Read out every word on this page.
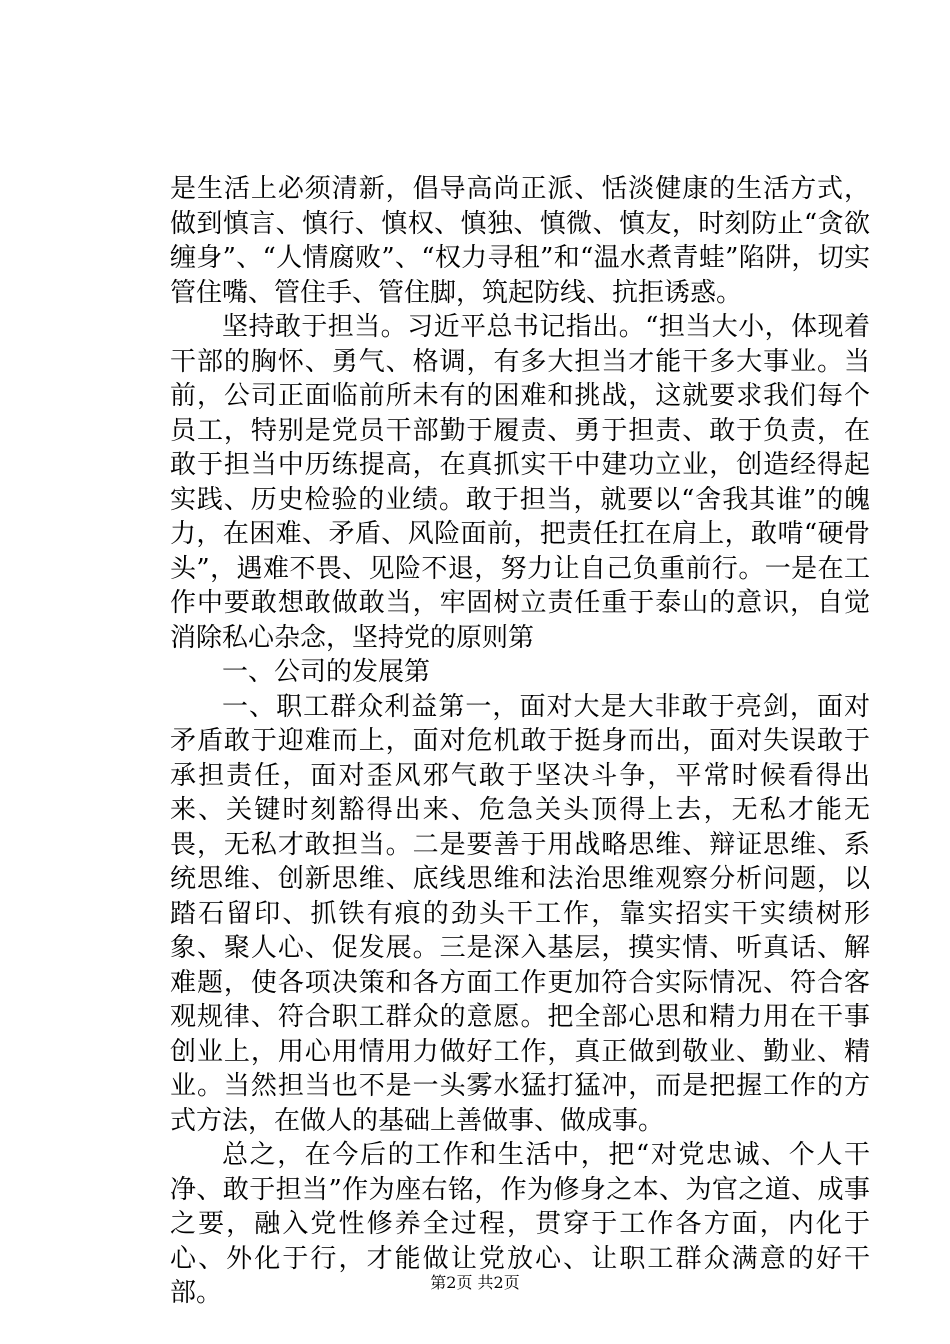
是生活上必须清新，倡导高尚正派、恬淡健康的生活方式，做到慎言、慎行、慎权、慎独、慎微、慎友，时刻防止“贪欲缠身”、“人情腐败”、“权力寻租”和“温水煮青蛙”陷阱，切实管住嘴、管住手、管住脚，筑起防线、抗拒诱惑。

坚持敢于担当。习近平总书记指出。“担当大小，体现着干部的胸怀、勇气、格调，有多大担当才能干多大事业。当前，公司正面临前所未有的困难和挑战，这就要求我们每个员工，特别是党员干部勤于履责、勇于担责、敢于负责，在敢于担当中历练提高，在真抓实干中建功立业，创造经得起实践、历史检验的业绩。敢于担当，就要以“舍我其谁”的魄力，在困难、矛盾、风险面前，把责任扛在肩上，敢啃“硬骨头”，遇难不畏、见险不退，努力让自己负重前行。一是在工作中要敢想敢做敢当，牢固树立责任重于泰山的意识，自觉消除私心杂念，坚持党的原则第

一、公司的发展第

一、职工群众利益第一，面对大是大非敢于亮剑，面对矛盾敢于迎难而上，面对危机敢于挺身而出，面对失误敢于承担责任，面对歪风邪气敢于坚决斗争，平常时候看得出来、关键时刻豁得出来、危急关头顶得上去，无私才能无畏，无私才敢担当。二是要善于用战略思维、辩证思维、系统思维、创新思维、底线思维和法治思维观察分析问题，以踏石留印、抓铁有痕的劲头干工作，靠实招实干实绩树形象、聚人心、促发展。三是深入基层，摸实情、听真话、解难题，使各项决策和各方面工作更加符合实际情况、符合客观规律、符合职工群众的意愿。把全部心思和精力用在干事创业上，用心用情用力做好工作，真正做到敬业、勤业、精业。当然担当也不是一头雾水猛打猛冲，而是把握工作的方式方法，在做人的基础上善做事、做成事。

总之，在今后的工作和生活中，把“对党忠诚、个人干净、敢于担当”作为座右铭，作为修身之本、为官之道、成事之要，融入党性修养全过程，贯穿于工作各方面，内化于心、外化于行，才能做让党放心、让职工群众满意的好干部。	第2页 共2页
